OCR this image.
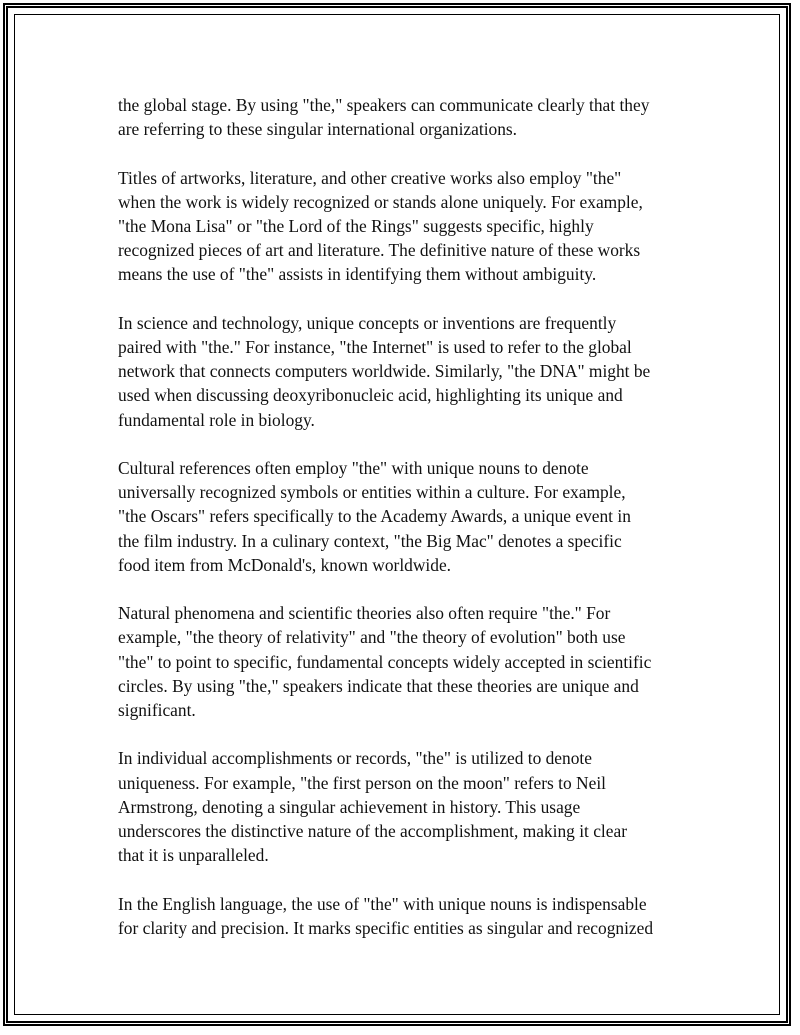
the global stage. By using "the," speakers can communicate clearly that they
are referring to these singular international organizations.

Titles of artworks, literature, and other creative works also employ "the"
when the work is widely recognized or stands alone uniquely. For example,
"the Mona Lisa" or "the Lord of the Rings" suggests specific, highly
recognized pieces of art and literature. The definitive nature of these works
means the use of "the" assists in identifying them without ambiguity.

In science and technology, unique concepts or inventions are frequently
paired with "the." For instance, "the Internet" is used to refer to the global
network that connects computers worldwide. Similarly, "the DNA" might be
used when discussing deoxyribonucleic acid, highlighting its unique and
fundamental role in biology.

Cultural references often employ "the" with unique nouns to denote
universally recognized symbols or entities within a culture. For example,
"the Oscars" refers specifically to the Academy Awards, a unique event in
the film industry. In a culinary context, "the Big Mac" denotes a specific
food item from McDonald's, known worldwide.

Natural phenomena and scientific theories also often require "the." For
example, "the theory of relativity" and "the theory of evolution" both use
"the" to point to specific, fundamental concepts widely accepted in scientific
circles. By using "the," speakers indicate that these theories are unique and
significant.

In individual accomplishments or records, "the" is utilized to denote
uniqueness. For example, "the first person on the moon" refers to Neil
Armstrong, denoting a singular achievement in history. This usage
underscores the distinctive nature of the accomplishment, making it clear
that it is unparalleled.

In the English language, the use of "the" with unique nouns is indispensable
for clarity and precision. It marks specific entities as singular and recognized
